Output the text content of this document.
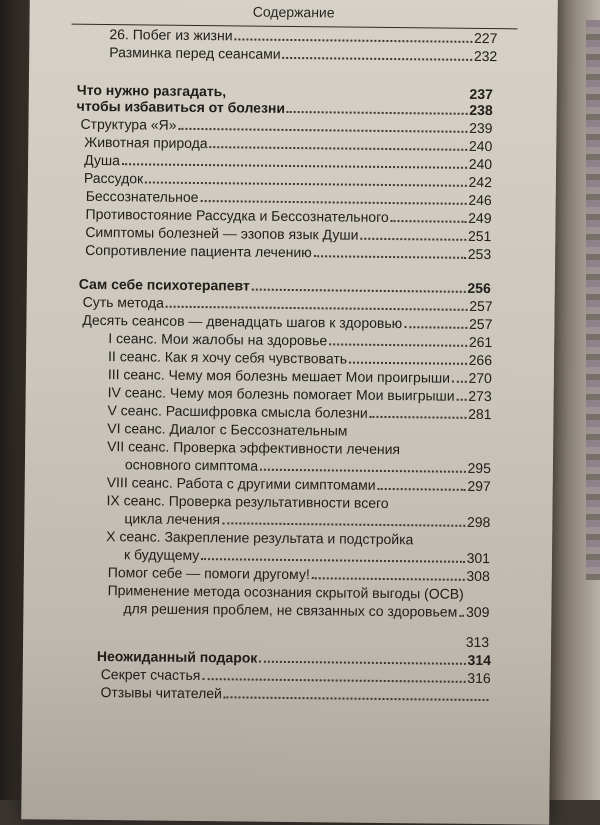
Содержание
26. Побег из жизни	227
Разминка перед сеансами	232
Что нужно разгадать,	237
чтобы избавиться от болезни	238
Структура «Я»	239
Животная природа	240
Душа	240
Рассудок	242
Бессознательное	246
Противостояние Рассудка и Бессознательного	249
Симптомы болезней — эзопов язык Души	251
Сопротивление пациента лечению	253
Сам себе психотерапевт	256
Суть метода	257
Десять сеансов — двенадцать шагов к здоровью	257
I сеанс. Мои жалобы на здоровье	261
II сеанс. Как я хочу себя чувствовать	266
III сеанс. Чему моя болезнь мешает Мои проигрыши 270
IV сеанс. Чему моя болезнь помогает Мои выигрыши 273
V сеанс. Расшифровка смысла болезни	281
VI сеанс. Диалог с Бессознательным
VII сеанс. Проверка эффективности лечения
основного симптома	295
VIII сеанс. Работа с другими симптомами	297
IX сеанс. Проверка результативности всего
цикла лечения	298
X сеанс. Закрепление результата и подстройка
к будущему	301
Помог себе — помоги другому!	308
Применение метода осознания скрытой выгоды (ОСВ)
для решения проблем, не связанных со здоровьем 309
313
Неожиданный подарок	314
Секрет счастья	316
Отзывы читателей
